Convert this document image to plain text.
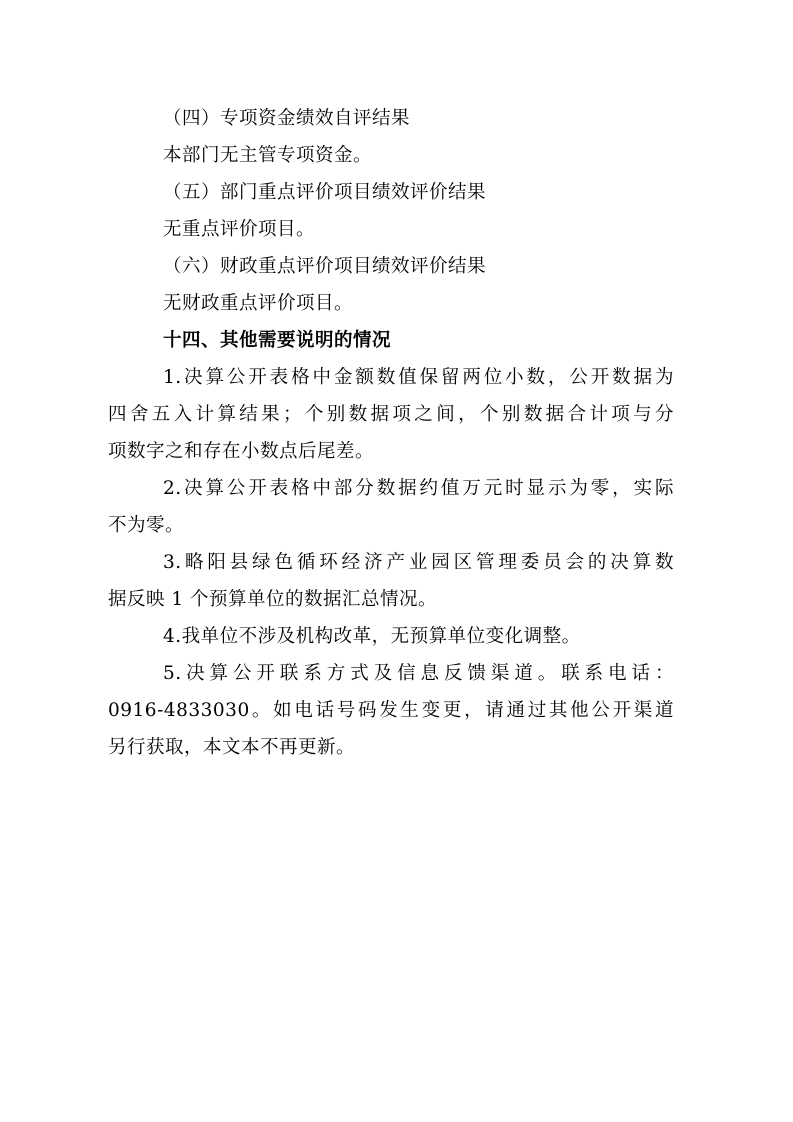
（四）专项资金绩效自评结果

本部门无主管专项资金。

（五）部门重点评价项目绩效评价结果

无重点评价项目。

（六）财政重点评价项目绩效评价结果

无财政重点评价项目。

十四、其他需要说明的情况

1.决算公开表格中金额数值保留两位小数，公开数据为

四舍五入计算结果；个别数据项之间，个别数据合计项与分

项数字之和存在小数点后尾差。

2.决算公开表格中部分数据约值万元时显示为零，实际

不为零。

3.略阳县绿色循环经济产业园区管理委员会的决算数

据反映 1 个预算单位的数据汇总情况。

4.我单位不涉及机构改革，无预算单位变化调整。

5.决算公开联系方式及信息反馈渠道。联系电话：

0916-4833030。如电话号码发生变更，请通过其他公开渠道

另行获取，本文本不再更新。
